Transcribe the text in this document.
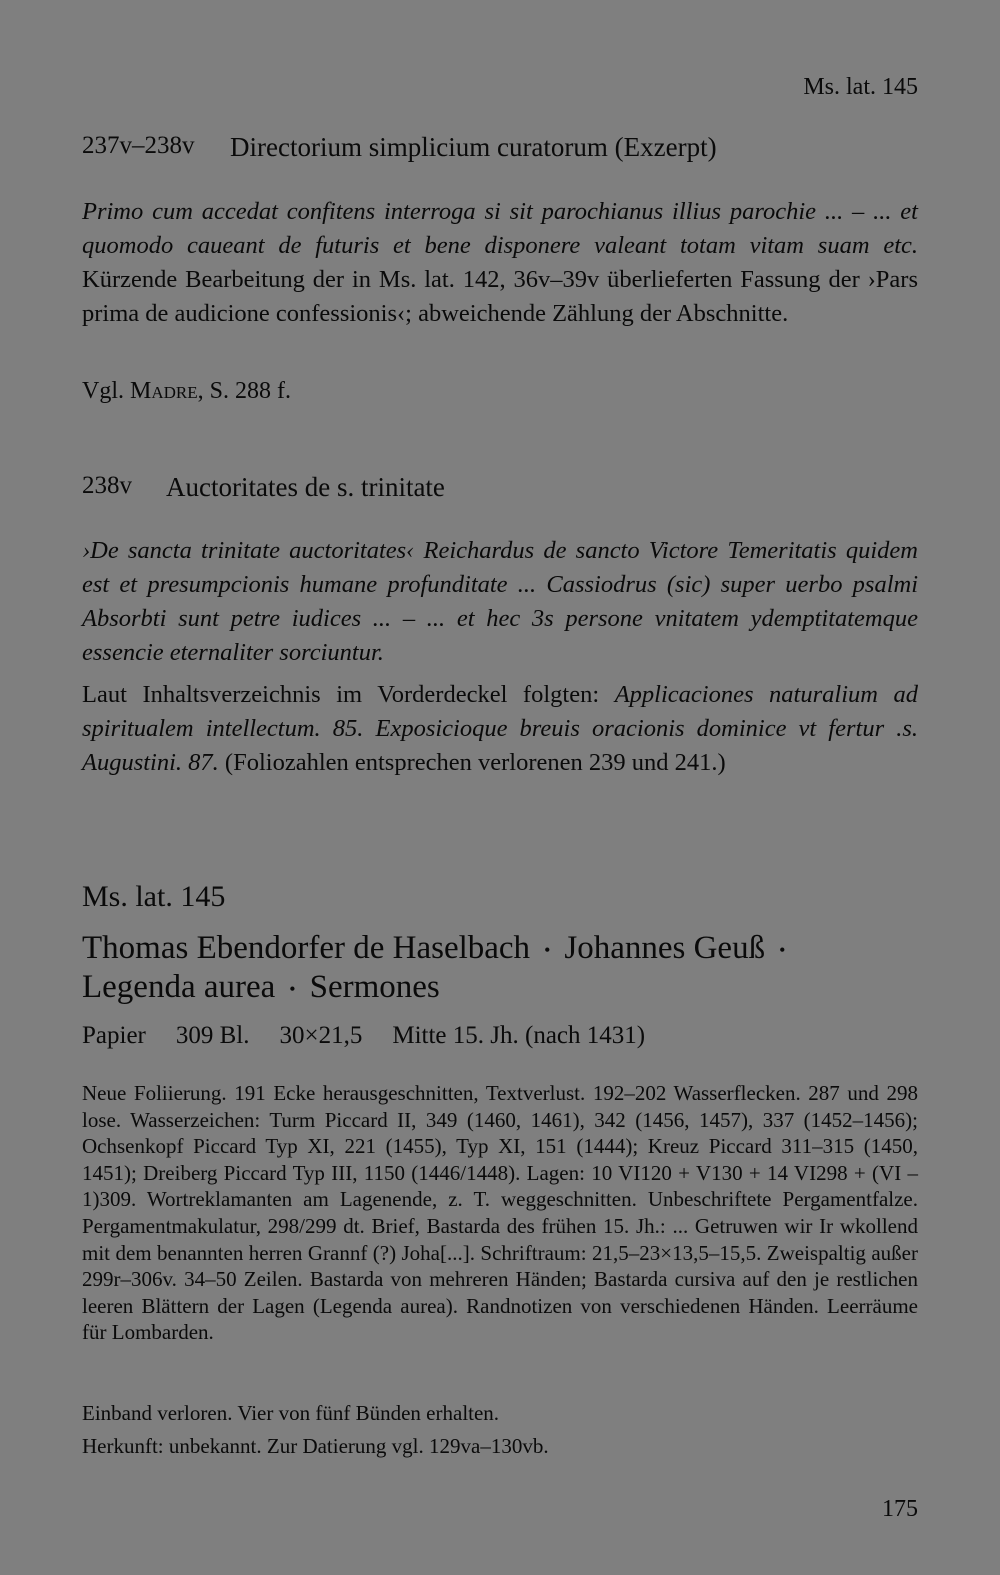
Ms. lat. 145
237v–238v	Directorium simplicium curatorum (Exzerpt)
Primo cum accedat confitens interroga si sit parochianus illius parochie ... – ... et quomodo caueant de futuris et bene disponere valeant totam vitam suam etc. Kürzende Bearbeitung der in Ms. lat. 142, 36v–39v überlieferten Fassung der ›Pars prima de audicione confessionis‹; abweichende Zählung der Abschnitte.
Vgl. Madre, S. 288 f.
238v	Auctoritates de s. trinitate
›De sancta trinitate auctoritates‹ Reichardus de sancto Victore Temeritatis quidem est et presumpcionis humane profunditate ... Cassiodrus (sic) super uerbo psalmi Absorbti sunt petre iudices ... – ... et hec 3s persone vnitatem ydemptitatemque essencie eternaliter sorciuntur.
Laut Inhaltsverzeichnis im Vorderdeckel folgten: Applicaciones naturalium ad spiritualem intellectum. 85. Exposicioque breuis oracionis dominice vt fertur .s. Augustini. 87. (Foliozahlen entsprechen verlorenen 239 und 241.)
Ms. lat. 145
Thomas Ebendorfer de Haselbach • Johannes Geuß •
Legenda aurea • Sermones
Papier 309 Bl. 30×21,5 Mitte 15. Jh. (nach 1431)
Neue Foliierung. 191 Ecke herausgeschnitten, Textverlust. 192–202 Wasserflecken. 287 und 298 lose. Wasserzeichen: Turm Piccard II, 349 (1460, 1461), 342 (1456, 1457), 337 (1452–1456); Ochsenkopf Piccard Typ XI, 221 (1455), Typ XI, 151 (1444); Kreuz Piccard 311–315 (1450, 1451); Dreiberg Piccard Typ III, 1150 (1446/1448). Lagen: 10 VI120 + V130 + 14 VI298 + (VI – 1)309. Wortreklamanten am Lagenende, z. T. weggeschnitten. Unbeschriftete Pergamentfalze. Pergamentmakulatur, 298/299 dt. Brief, Bastarda des frühen 15. Jh.: ... Getruwen wir Ir wkollend mit dem benannten herren Grannf (?) Joha[...]. Schriftraum: 21,5–23×13,5–15,5. Zweispaltig außer 299r–306v. 34–50 Zeilen. Bastarda von mehreren Händen; Bastarda cursiva auf den je restlichen leeren Blättern der Lagen (Legenda aurea). Randnotizen von verschiedenen Händen. Leerräume für Lombarden.
Einband verloren. Vier von fünf Bünden erhalten.
Herkunft: unbekannt. Zur Datierung vgl. 129va–130vb.
175
